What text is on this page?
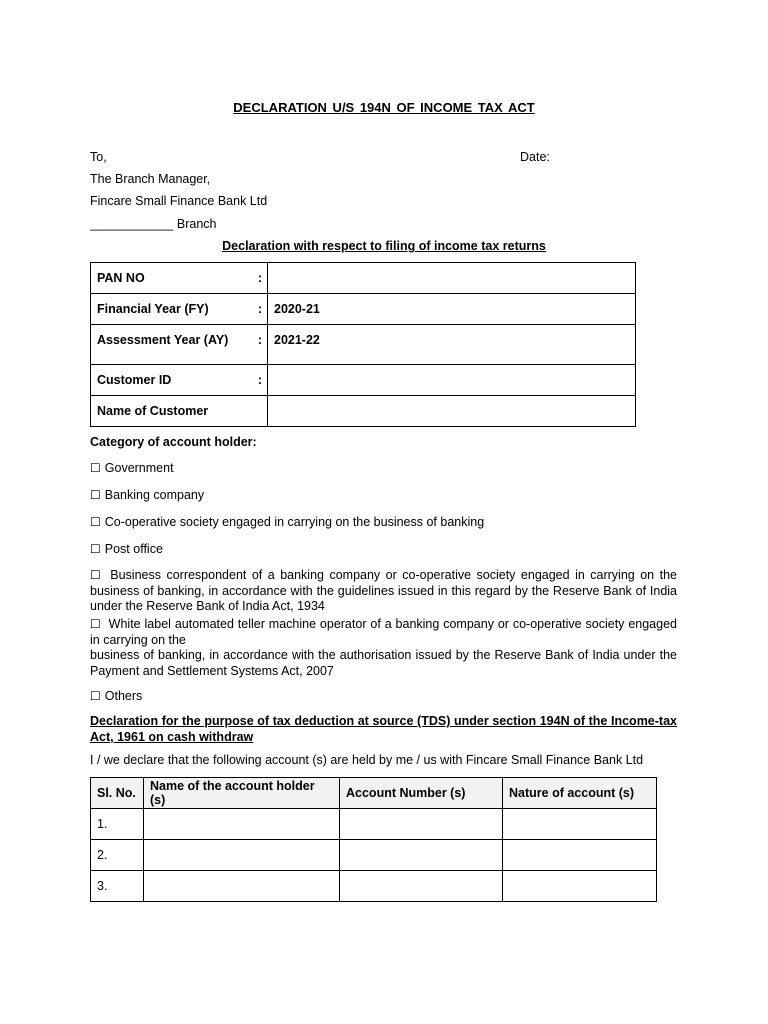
DECLARATION U/S 194N OF INCOME TAX ACT
To,	Date:
The Branch Manager,
Fincare Small Finance Bank Ltd
____________ Branch
Declaration with respect to filing of income tax returns
PAN NO	:	
Financial Year (FY)	:	2020-21
Assessment Year (AY)	:	2021-22
Customer ID	:	
Name of Customer		
Category of account holder:
☐ Government
☐ Banking company
☐ Co-operative society engaged in carrying on the business of banking
☐ Post office
☐ Business correspondent of a banking company or co-operative society engaged in carrying on the
business of banking, in accordance with the guidelines issued in this regard by the Reserve Bank of India
under the Reserve Bank of India Act, 1934
☐ White label automated teller machine operator of a banking company or co-operative society engaged
in carrying on the
business of banking, in accordance with the authorisation issued by the Reserve Bank of India under the
Payment and Settlement Systems Act, 2007
☐ Others
Declaration for the purpose of tax deduction at source (TDS) under section 194N of the Income-tax
Act, 1961 on cash withdraw
I / we declare that the following account (s) are held by me / us with Fincare Small Finance Bank Ltd
Sl. No.	Name of the account holder (s)	Account Number (s)	Nature of account (s)
1.			
2.			
3.			
